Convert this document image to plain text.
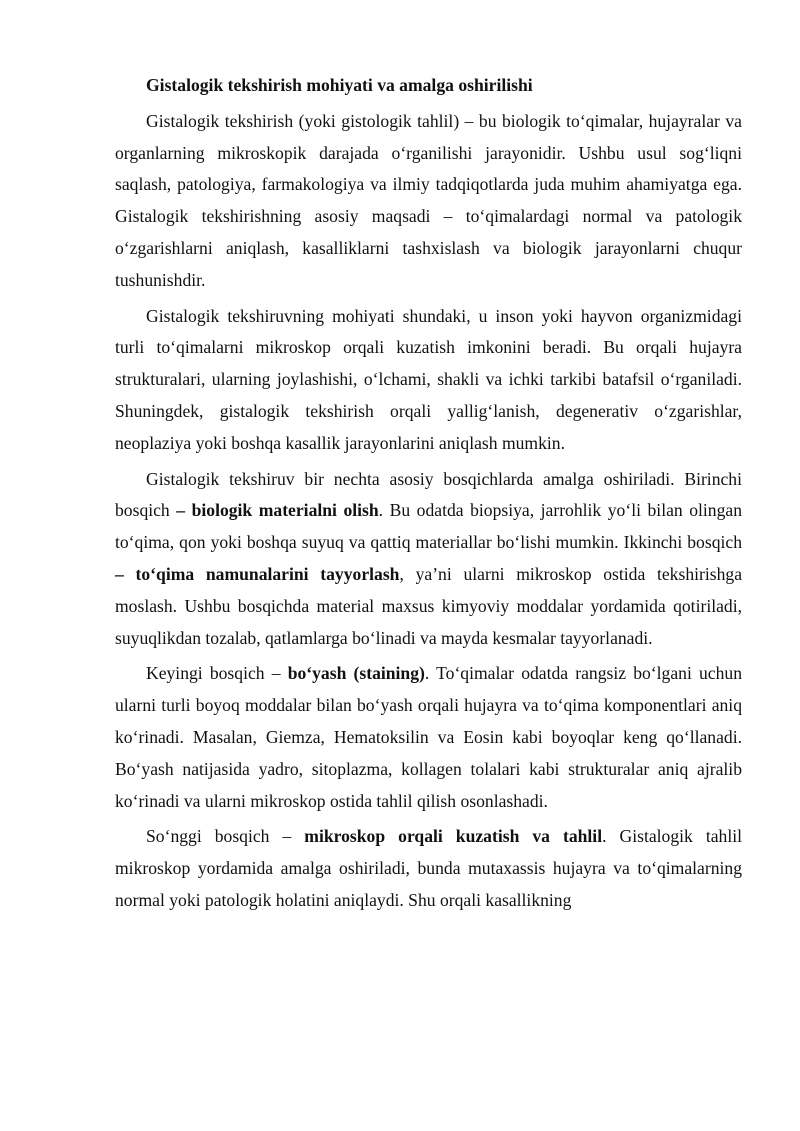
Gistalogik tekshirish mohiyati va amalga oshirilishi

Gistalogik tekshirish (yoki gistologik tahlil) – bu biologik to‘qimalar, hujayralar va organlarning mikroskopik darajada o‘rganilishi jarayonidir. Ushbu usul sog‘liqni saqlash, patologiya, farmakologiya va ilmiy tadqiqotlarda juda muhim ahamiyatga ega. Gistalogik tekshirishning asosiy maqsadi – to‘qimalardagi normal va patologik o‘zgarishlarni aniqlash, kasalliklarni tashxislash va biologik jarayonlarni chuqur tushunishdir.

Gistalogik tekshiruvning mohiyati shundaki, u inson yoki hayvon organizmidagi turli to‘qimalarni mikroskop orqali kuzatish imkonini beradi. Bu orqali hujayra strukturalari, ularning joylashishi, o‘lchami, shakli va ichki tarkibi batafsil o‘rganiladi. Shuningdek, gistalogik tekshirish orqali yallig‘lanish, degenerativ o‘zgarishlar, neoplaziya yoki boshqa kasallik jarayonlarini aniqlash mumkin.

Gistalogik tekshiruv bir nechta asosiy bosqichlarda amalga oshiriladi. Birinchi bosqich – biologik materialni olish. Bu odatda biopsiya, jarrohlik yo‘li bilan olingan to‘qima, qon yoki boshqa suyuq va qattiq materiallar bo‘lishi mumkin. Ikkinchi bosqich – to‘qima namunalarini tayyorlash, ya’ni ularni mikroskop ostida tekshirishga moslash. Ushbu bosqichda material maxsus kimyoviy moddalar yordamida qotiriladi, suyuqlikdan tozalab, qatlamlarga bo‘linadi va mayda kesmalar tayyorlanadi.

Keyingi bosqich – bo‘yash (staining). To‘qimalar odatda rangsiz bo‘lgani uchun ularni turli boyoq moddalar bilan bo‘yash orqali hujayra va to‘qima komponentlari aniq ko‘rinadi. Masalan, Giemza, Hematoksilin va Eosin kabi boyoqlar keng qo‘llanadi. Bo‘yash natijasida yadro, sitoplazma, kollagen tolalari kabi strukturalar aniq ajralib ko‘rinadi va ularni mikroskop ostida tahlil qilish osonlashadi.

So‘nggi bosqich – mikroskop orqali kuzatish va tahlil. Gistalogik tahlil mikroskop yordamida amalga oshiriladi, bunda mutaxassis hujayra va to‘qimalarning normal yoki patologik holatini aniqlaydi. Shu orqali kasallikning
